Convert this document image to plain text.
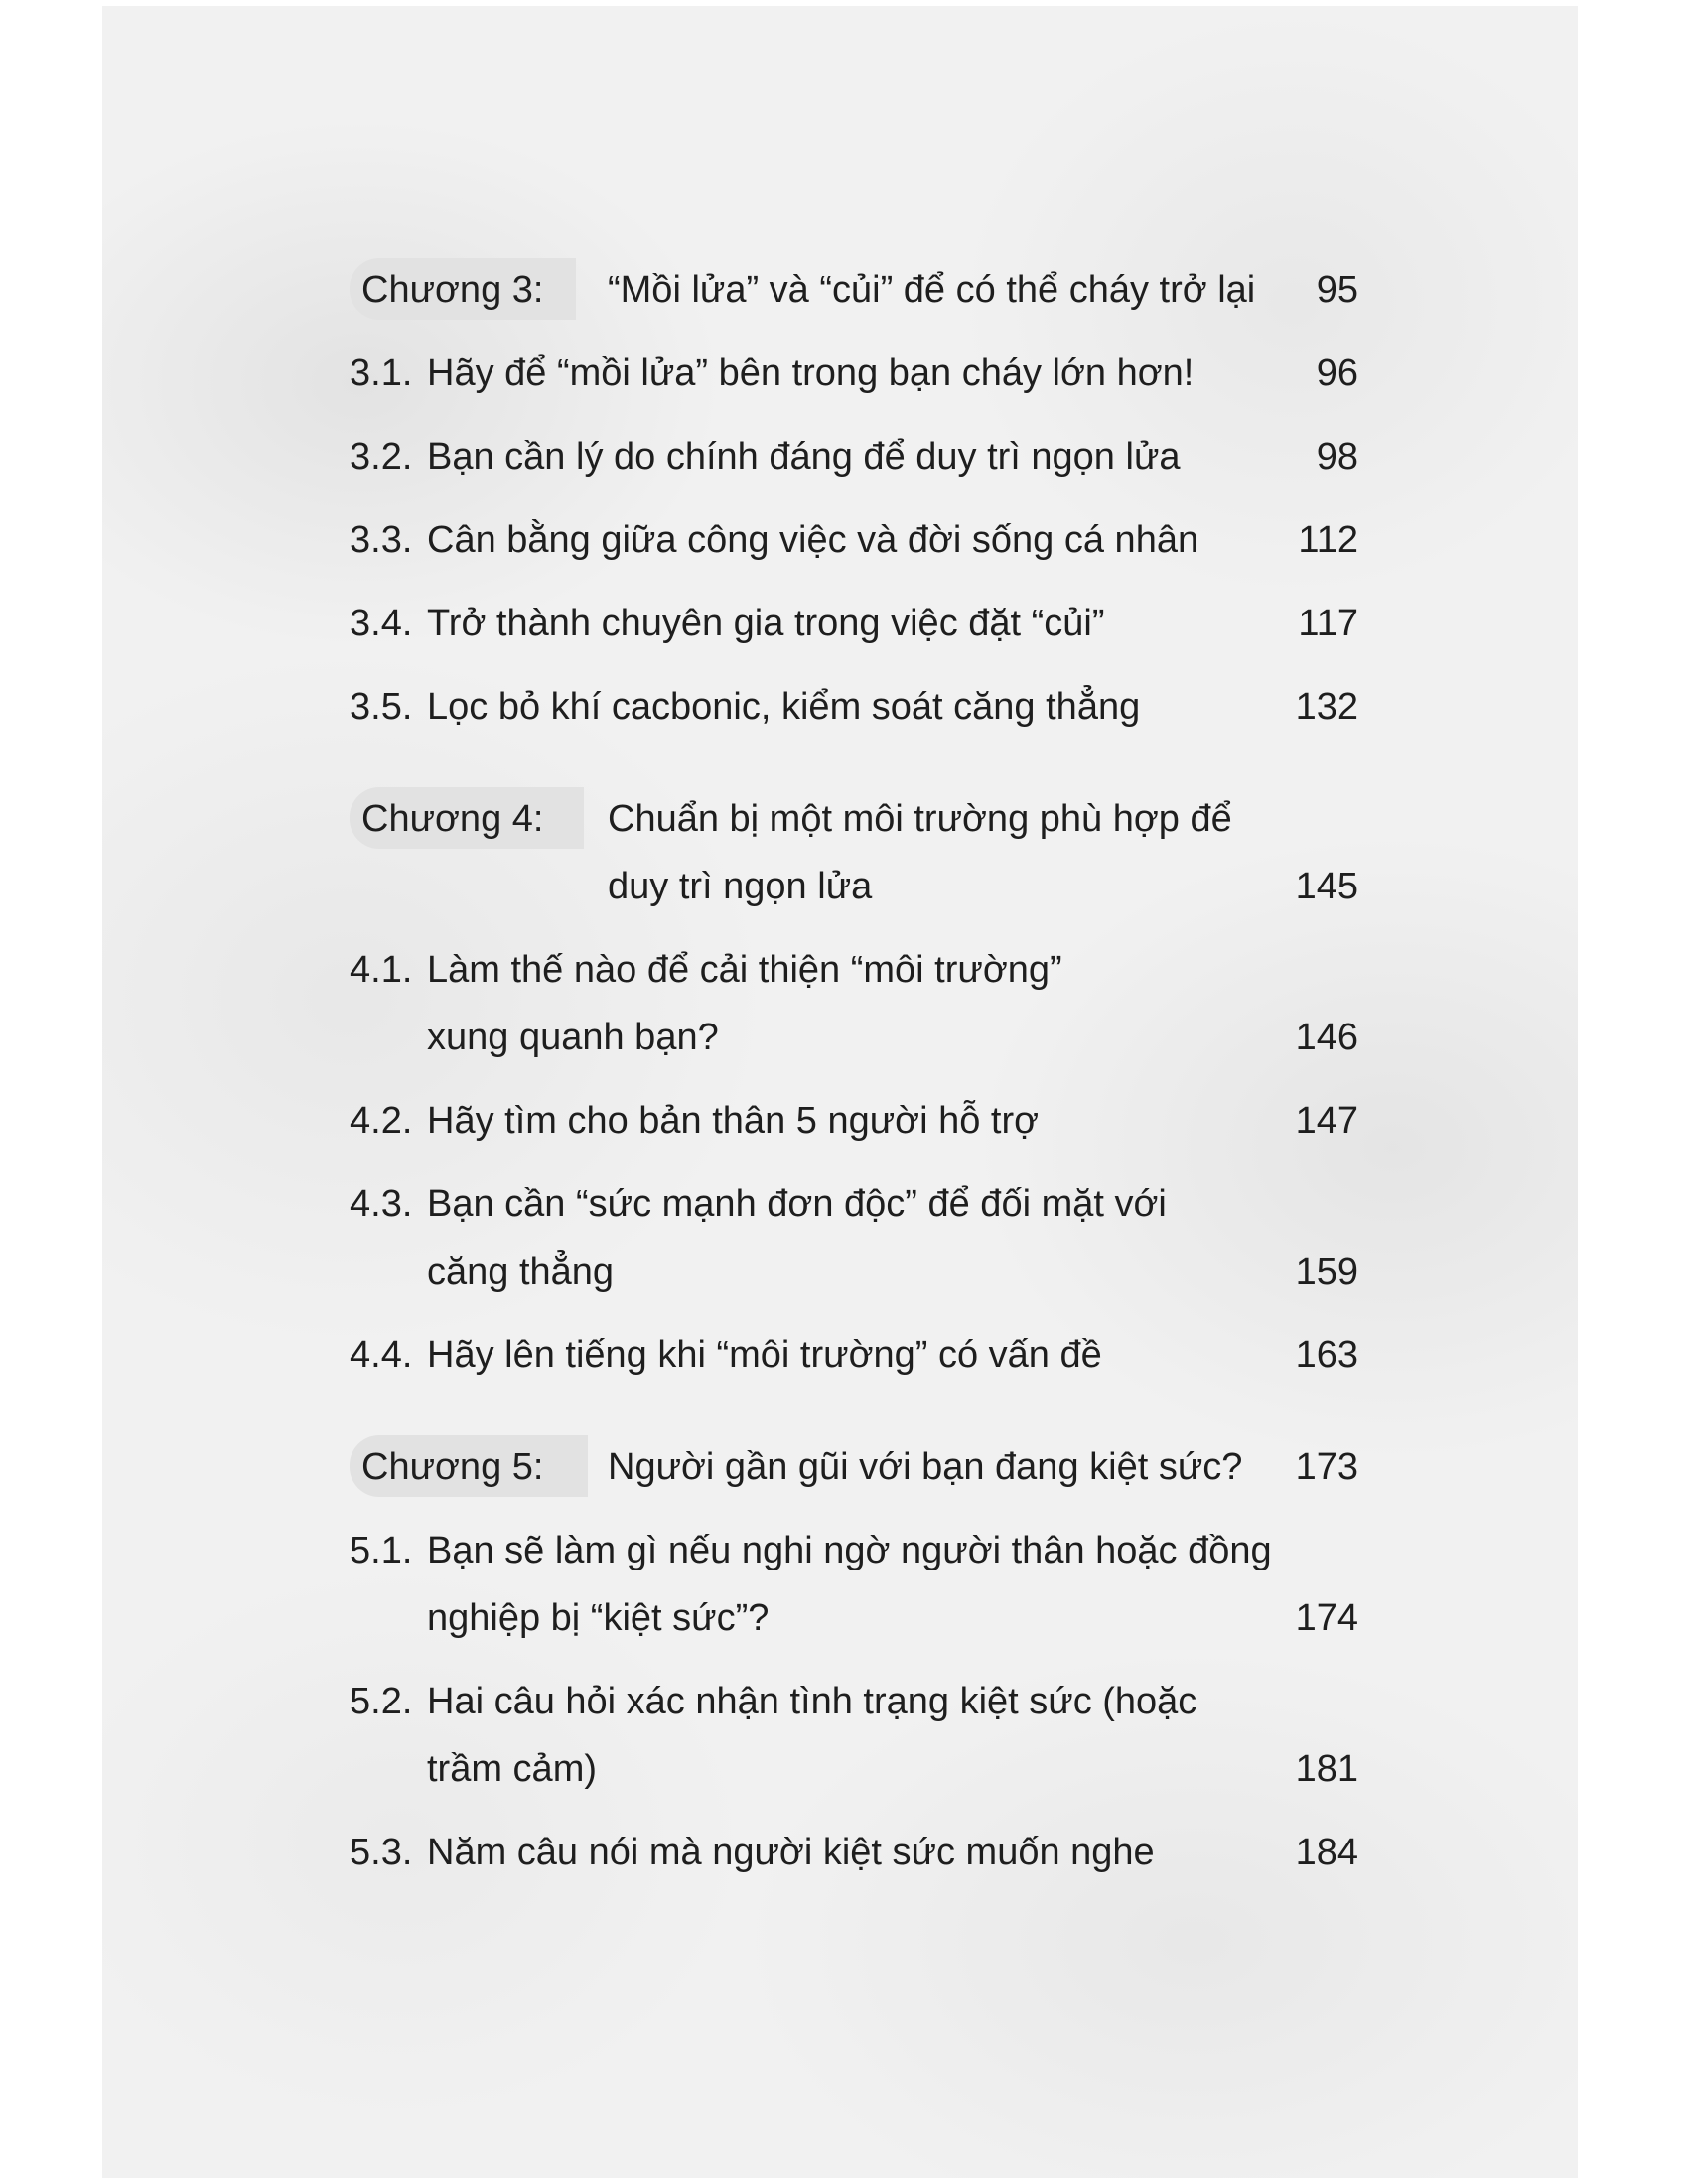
Chương 3: “Mồi lửa” và “củi” để có thể cháy trở lại 95
3.1. Hãy để “mồi lửa” bên trong bạn cháy lớn hơn!	96
3.2. Bạn cần lý do chính đáng để duy trì ngọn lửa	98
3.3. Cân bằng giữa công việc và đời sống cá nhân	112
3.4. Trở thành chuyên gia trong việc đặt “củi”	117
3.5. Lọc bỏ khí cacbonic, kiểm soát căng thẳng	132
Chương 4: Chuẩn bị một môi trường phù hợp để
duy trì ngọn lửa	145
4.1. Làm thế nào để cải thiện “môi trường”
xung quanh bạn?	146
4.2. Hãy tìm cho bản thân 5 người hỗ trợ	147
4.3. Bạn cần “sức mạnh đơn độc” để đối mặt với
căng thẳng	159
4.4. Hãy lên tiếng khi “môi trường” có vấn đề	163
Chương 5: Người gần gũi với bạn đang kiệt sức? 173
5.1. Bạn sẽ làm gì nếu nghi ngờ người thân hoặc đồng
nghiệp bị “kiệt sức”?	174
5.2. Hai câu hỏi xác nhận tình trạng kiệt sức (hoặc
trầm cảm)	181
5.3. Năm câu nói mà người kiệt sức muốn nghe	184
